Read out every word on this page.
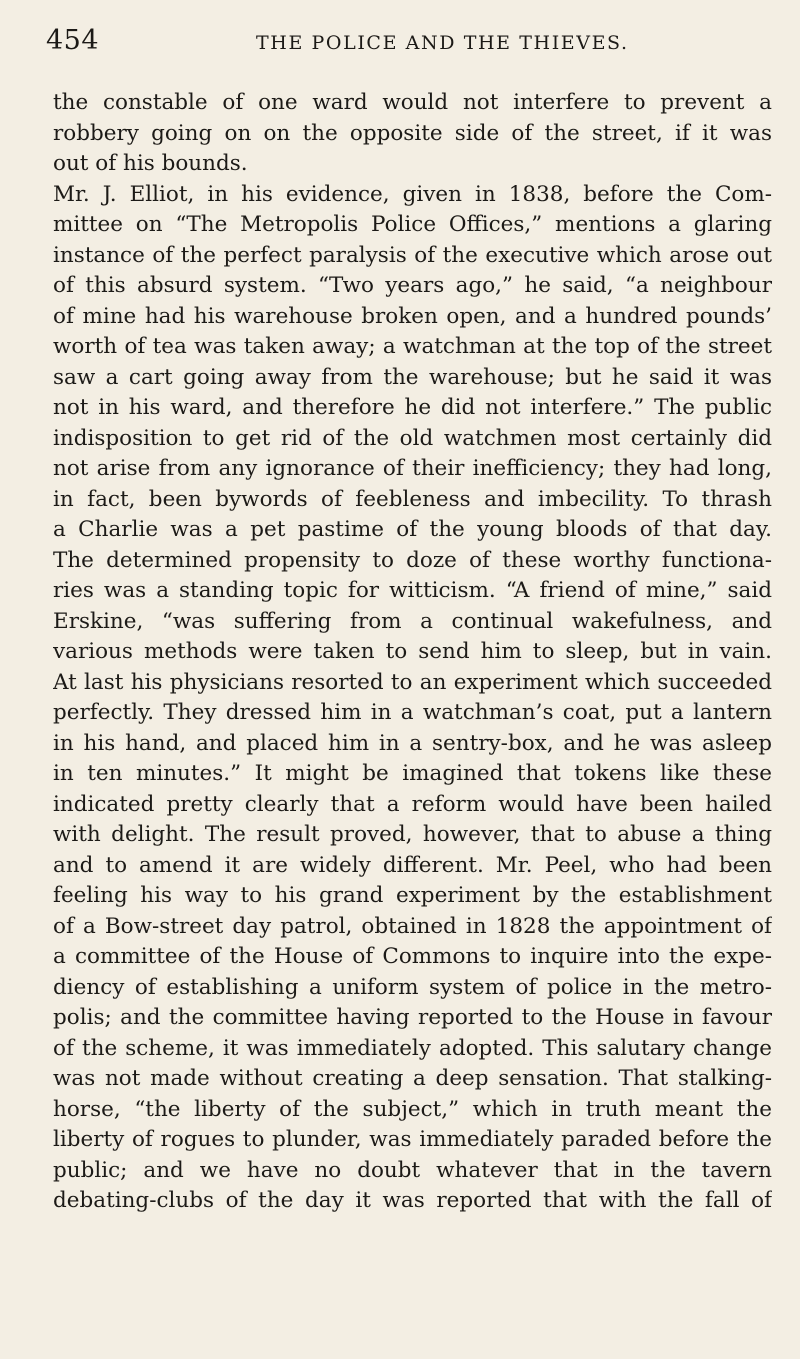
454	THE POLICE AND THE THIEVES.
the constable of one ward would not interfere to prevent a
robbery going on on the opposite side of the street, if it was
out of his bounds.
Mr. J. Elliot, in his evidence, given in 1838, before the Com-
mittee on “The Metropolis Police Offices,” mentions a glaring
instance of the perfect paralysis of the executive which arose out
of this absurd system. “Two years ago,” he said, “a neighbour
of mine had his warehouse broken open, and a hundred pounds’
worth of tea was taken away; a watchman at the top of the street
saw a cart going away from the warehouse; but he said it was
not in his ward, and therefore he did not interfere.” The public
indisposition to get rid of the old watchmen most certainly did
not arise from any ignorance of their inefficiency; they had long,
in fact, been bywords of feebleness and imbecility. To thrash
a Charlie was a pet pastime of the young bloods of that day.
The determined propensity to doze of these worthy functiona-
ries was a standing topic for witticism. “A friend of mine,” said
Erskine, “was suffering from a continual wakefulness, and
various methods were taken to send him to sleep, but in vain.
At last his physicians resorted to an experiment which succeeded
perfectly. They dressed him in a watchman’s coat, put a lantern
in his hand, and placed him in a sentry-box, and he was asleep
in ten minutes.” It might be imagined that tokens like these
indicated pretty clearly that a reform would have been hailed
with delight. The result proved, however, that to abuse a thing
and to amend it are widely different. Mr. Peel, who had been
feeling his way to his grand experiment by the establishment
of a Bow-street day patrol, obtained in 1828 the appointment of
a committee of the House of Commons to inquire into the expe-
diency of establishing a uniform system of police in the metro-
polis; and the committee having reported to the House in favour
of the scheme, it was immediately adopted. This salutary change
was not made without creating a deep sensation. That stalking-
horse, “the liberty of the subject,” which in truth meant the
liberty of rogues to plunder, was immediately paraded before the
public; and we have no doubt whatever that in the tavern
debating-clubs of the day it was reported that with the fall of
